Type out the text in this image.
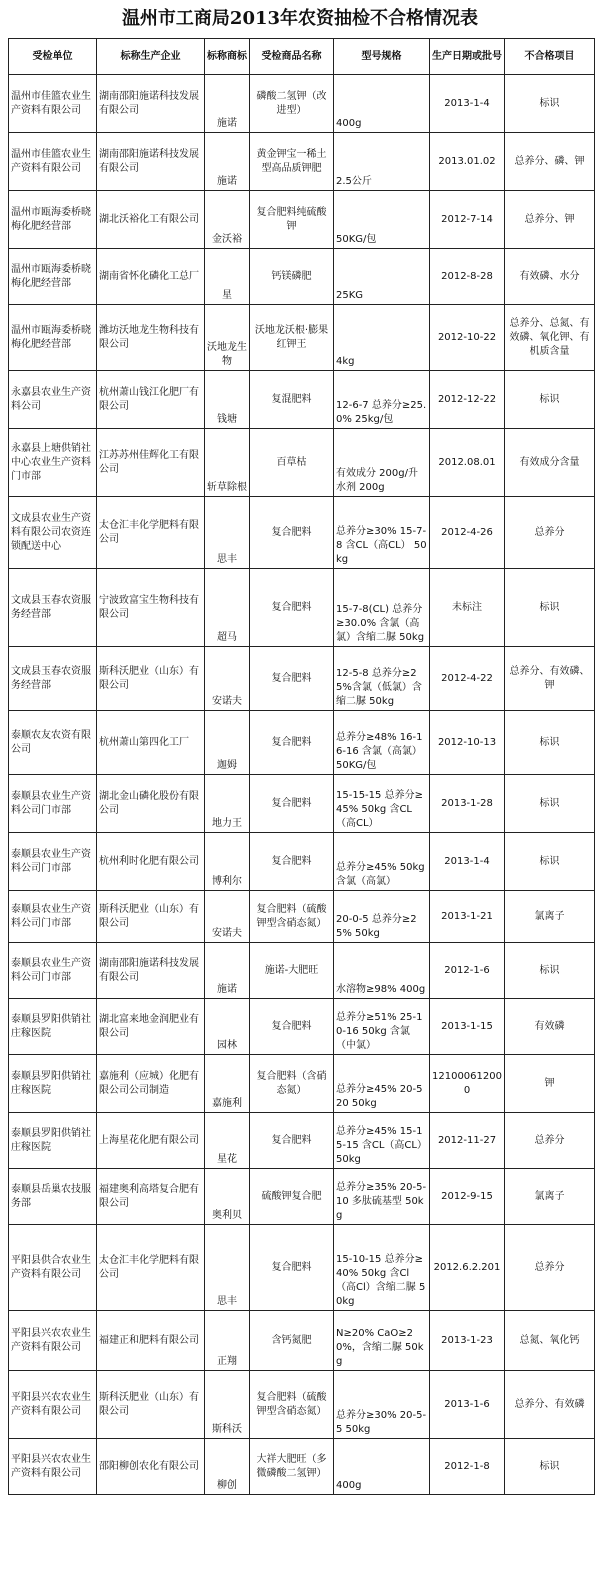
温州市工商局2013年农资抽检不合格情况表
受检单位	标称生产企业	标称商标	受检商品名称	型号规格	生产日期或批号	不合格项目
温州市佳篮农业生产资料有限公司	湖南邵阳施诺科技发展有限公司	施诺	磷酸二氢钾（改进型）	400g	2013-1-4	标识
温州市佳篮农业生产资料有限公司	湖南邵阳施诺科技发展有限公司	施诺	黄金钾宝一稀土型高品质钾肥	2.5公斤	2013.01.02	总养分、磷、钾
温州市瓯海委桥晓梅化肥经营部	湖北沃裕化工有限公司	金沃裕	复合肥料纯硫酸钾	50KG/包	2012-7-14	总养分、钾
温州市瓯海委桥晓梅化肥经营部	湖南省怀化磷化工总厂	星	钙镁磷肥	25KG	2012-8-28	有效磷、水分
温州市瓯海委桥晓梅化肥经营部	潍坊沃地龙生物科技有限公司	沃地龙生物	沃地龙沃根·膨果红钾王	4kg	2012-10-22	总养分、总氮、有效磷、氧化钾、有机质含量
永嘉县农业生产资料公司	杭州萧山钱江化肥厂有限公司	钱塘	复混肥料	12-6-7 总养分≥25.0% 25kg/包	2012-12-22	标识
永嘉县上塘供销社中心农业生产资料门市部	江苏苏州佳辉化工有限公司	斩草除根	百草枯	有效成分 200g/升 水剂 200g	2012.08.01	有效成分含量
文成县农业生产资料有限公司农资连锁配送中心	太仓汇丰化学肥料有限公司	思丰	复合肥料	总养分≥30% 15-7-8 含CL（高CL） 50kg	2012-4-26	总养分
文成县玉春农资服务经营部	宁波致富宝生物科技有限公司	超马	复合肥料	15-7-8(CL) 总养分≥30.0% 含氯（高氯）含缩二脲 50kg	未标注	标识
文成县玉春农资服务经营部	斯科沃肥业（山东）有限公司	安诺夫	复合肥料	12-5-8 总养分≥25%含氯（低氯）含缩二脲 50kg	2012-4-22	总养分、有效磷、钾
泰顺农友农资有限公司	杭州萧山第四化工厂	迦姆	复合肥料	总养分≥48% 16-16-16 含氯（高氯）50KG/包	2012-10-13	标识
泰顺县农业生产资料公司门市部	湖北金山磷化股份有限公司	地力王	复合肥料	15-15-15 总养分≥45% 50kg 含CL（高CL）	2013-1-28	标识
泰顺县农业生产资料公司门市部	杭州利时化肥有限公司	博利尔	复合肥料	总养分≥45% 50kg 含氯（高氯）	2013-1-4	标识
泰顺县农业生产资料公司门市部	斯科沃肥业（山东）有限公司	安诺夫	复合肥料（硫酸钾型含硝态氮）	20-0-5 总养分≥25% 50kg	2013-1-21	氯离子
泰顺县农业生产资料公司门市部	湖南邵阳施诺科技发展有限公司	施诺	施诺-大肥旺	水溶物≥98% 400g	2012-1-6	标识
泰顺县罗阳供销社庄稼医院	湖北富来地金润肥业有限公司	园林	复合肥料	总养分≥51% 25-10-16 50kg 含氯（中氯）	2013-1-15	有效磷
泰顺县罗阳供销社庄稼医院	嘉施利（应城）化肥有限公司公司制造	嘉施利	复合肥料（含硝态氮）	总养分≥45% 20-5 20 50kg	121000612000	钾
泰顺县罗阳供销社庄稼医院	上海星花化肥有限公司	星花	复合肥料	总养分≥45% 15-15-15 含CL（高CL） 50kg	2012-11-27	总养分
泰顺县岳巢农技服务部	福建奥利高塔复合肥有限公司	奥利贝	硫酸钾复合肥	总养分≥35% 20-5-10 多肽硫基型 50kg	2012-9-15	氯离子
平阳县供合农业生产资料有限公司	太仓汇丰化学肥料有限公司	思丰	复合肥料	15-10-15 总养分≥40% 50kg 含Cl（高Cl）含缩二脲 50kg	2012.6.2.201	总养分
平阳县兴农农业生产资料有限公司	福建正和肥料有限公司	正翔	含钙氮肥	N≥20% CaO≥20%，含缩二脲 50kg	2013-1-23	总氮、氧化钙
平阳县兴农农业生产资料有限公司	斯科沃肥业（山东）有限公司	斯科沃	复合肥料（硫酸钾型含硝态氮）	总养分≥30% 20-5-5 50kg	2013-1-6	总养分、有效磷
平阳县兴农农业生产资料有限公司	邵阳柳创农化有限公司	柳创	大祥大肥旺（多微磷酸二氢钾）	400g	2012-1-8	标识
